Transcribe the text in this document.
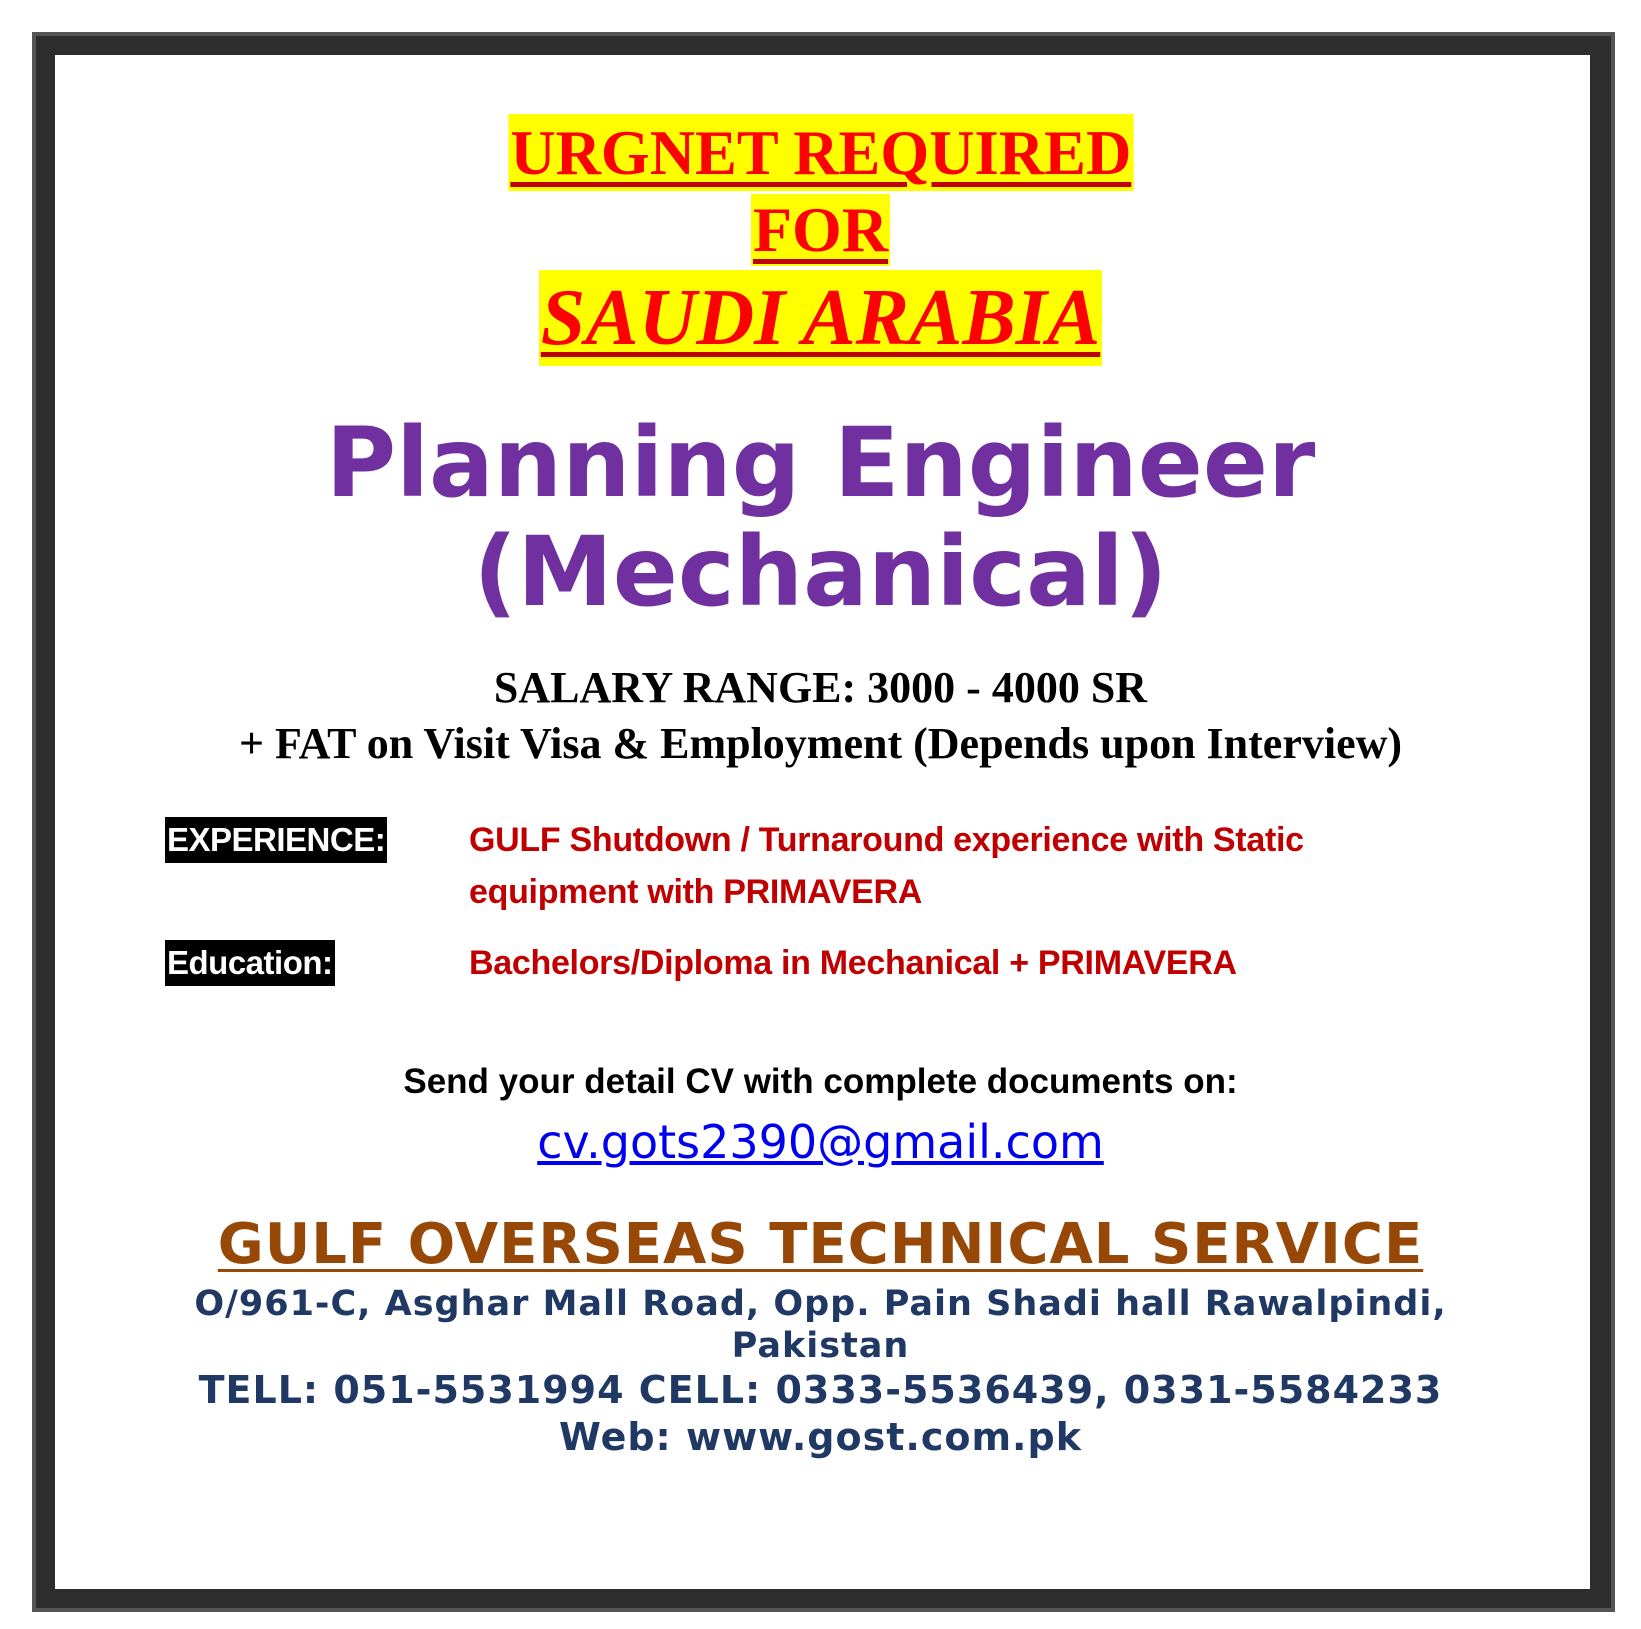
URGNET REQUIRED
FOR
SAUDI ARABIA
Planning Engineer
(Mechanical)
SALARY RANGE: 3000 - 4000 SR
+ FAT on Visit Visa & Employment (Depends upon Interview)
EXPERIENCE: GULF Shutdown / Turnaround experience with Static
equipment with PRIMAVERA
Education:	Bachelors/Diploma in Mechanical + PRIMAVERA
Send your detail CV with complete documents on:
cv.gots2390@gmail.com
GULF OVERSEAS TECHNICAL SERVICE
O/961-C, Asghar Mall Road, Opp. Pain Shadi hall Rawalpindi,
Pakistan
TELL: 051-5531994 CELL: 0333-5536439, 0331-5584233
Web: www.gost.com.pk
